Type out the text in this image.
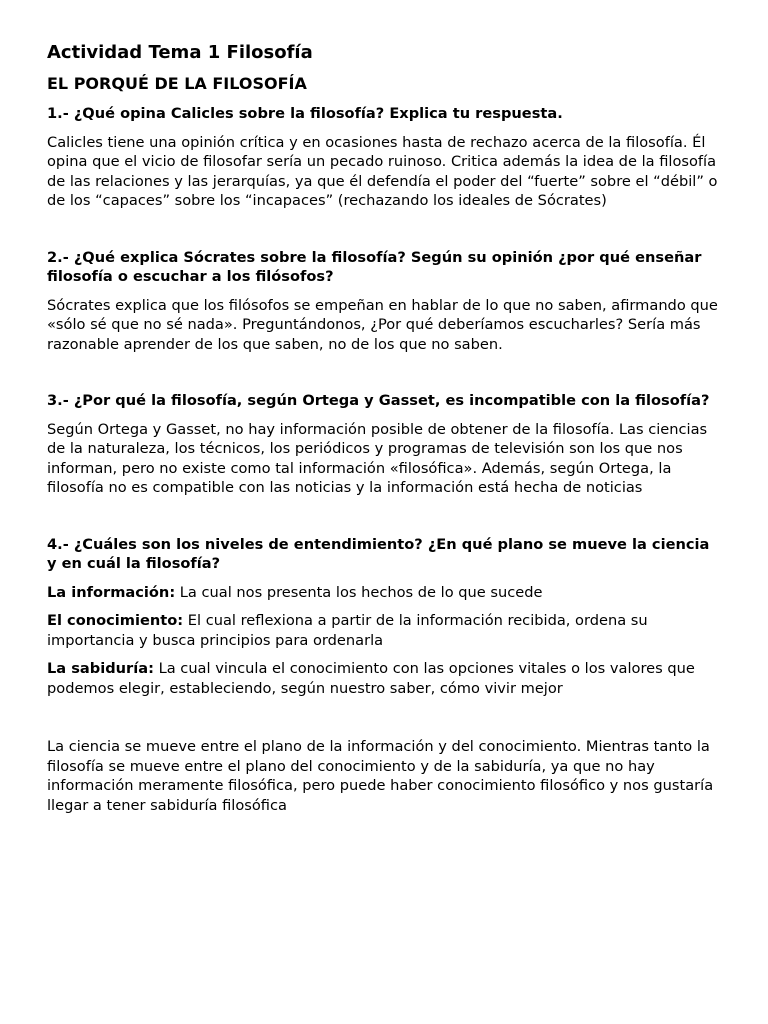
Actividad Tema 1 Filosofía
EL PORQUÉ DE LA FILOSOFÍA
1.- ¿Qué opina Calicles sobre la filosofía? Explica tu respuesta.

Calicles tiene una opinión crítica y en ocasiones hasta de rechazo acerca de la filosofía. Él opina que el vicio de filosofar sería un pecado ruinoso. Critica además la idea de la filosofía de las relaciones y las jerarquías, ya que él defendía el poder del “fuerte” sobre el “débil” o de los “capaces” sobre los “incapaces” (rechazando los ideales de Sócrates)

2.- ¿Qué explica Sócrates sobre la filosofía? Según su opinión ¿por qué enseñar filosofía o escuchar a los filósofos?

Sócrates explica que los filósofos se empeñan en hablar de lo que no saben, afirmando que «sólo sé que no sé nada». Preguntándonos, ¿Por qué deberíamos escucharles? Sería más razonable aprender de los que saben, no de los que no saben.

3.- ¿Por qué la filosofía, según Ortega y Gasset, es incompatible con la filosofía?

Según Ortega y Gasset, no hay información posible de obtener de la filosofía. Las ciencias de la naturaleza, los técnicos, los periódicos y programas de televisión son los que nos informan, pero no existe como tal información «filosófica». Además, según Ortega, la filosofía no es compatible con las noticias y la información está hecha de noticias

4.- ¿Cuáles son los niveles de entendimiento? ¿En qué plano se mueve la ciencia y en cuál la filosofía?

La información: La cual nos presenta los hechos de lo que sucede

El conocimiento: El cual reflexiona a partir de la información recibida, ordena su importancia y busca principios para ordenarla

La sabiduría: La cual vincula el conocimiento con las opciones vitales o los valores que podemos elegir, estableciendo, según nuestro saber, cómo vivir mejor

La ciencia se mueve entre el plano de la información y del conocimiento. Mientras tanto la filosofía se mueve entre el plano del conocimiento y de la sabiduría, ya que no hay información meramente filosófica, pero puede haber conocimiento filosófico y nos gustaría llegar a tener sabiduría filosófica
